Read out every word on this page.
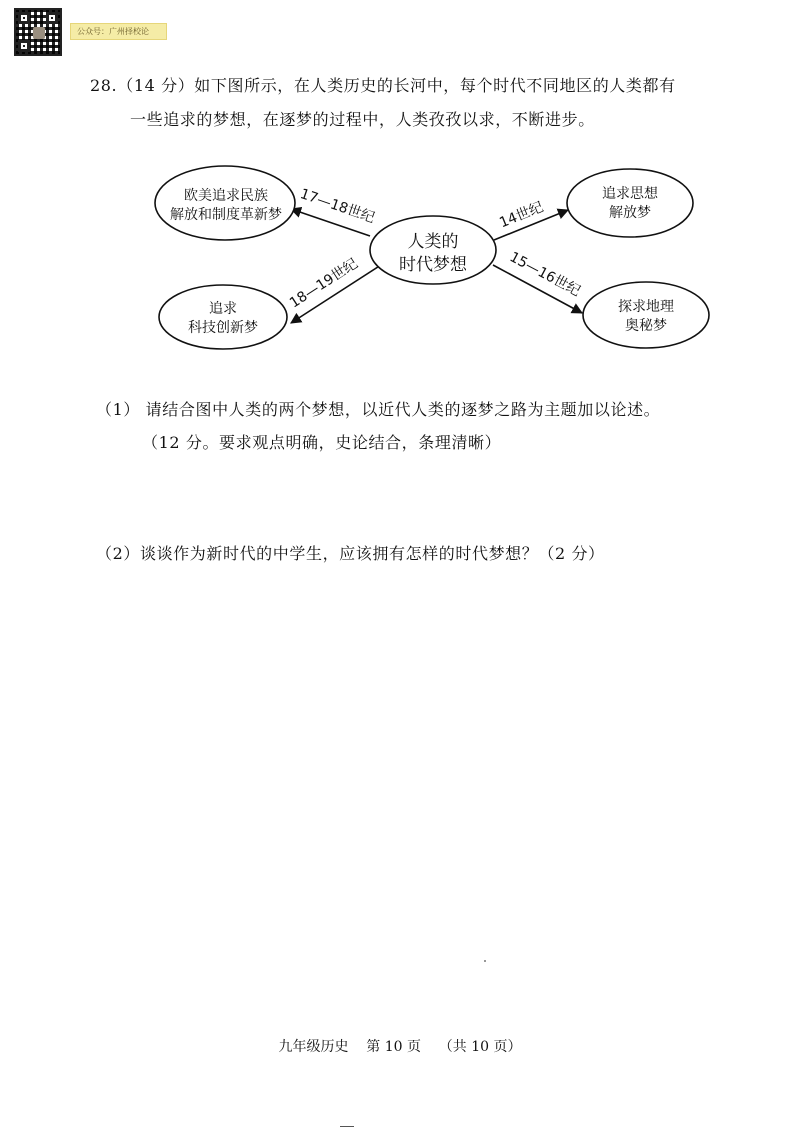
公众号：广州择校论
28.（14 分）如下图所示，在人类历史的长河中，每个时代不同地区的人类都有
一些追求的梦想，在逐梦的过程中，人类孜孜以求，不断进步。
人类的
时代梦想
欧美追求民族
解放和制度革新梦
追求
科技创新梦
追求思想
解放梦
探求地理
奥秘梦
17—18世纪
18—19世纪
14世纪
15—16世纪
（1） 请结合图中人类的两个梦想，以近代人类的逐梦之路为主题加以论述。
（12 分。要求观点明确，史论结合，条理清晰）
（2）谈谈作为新时代的中学生，应该拥有怎样的时代梦想？（2 分）
九年级历史    第 10 页    （共 10 页）
